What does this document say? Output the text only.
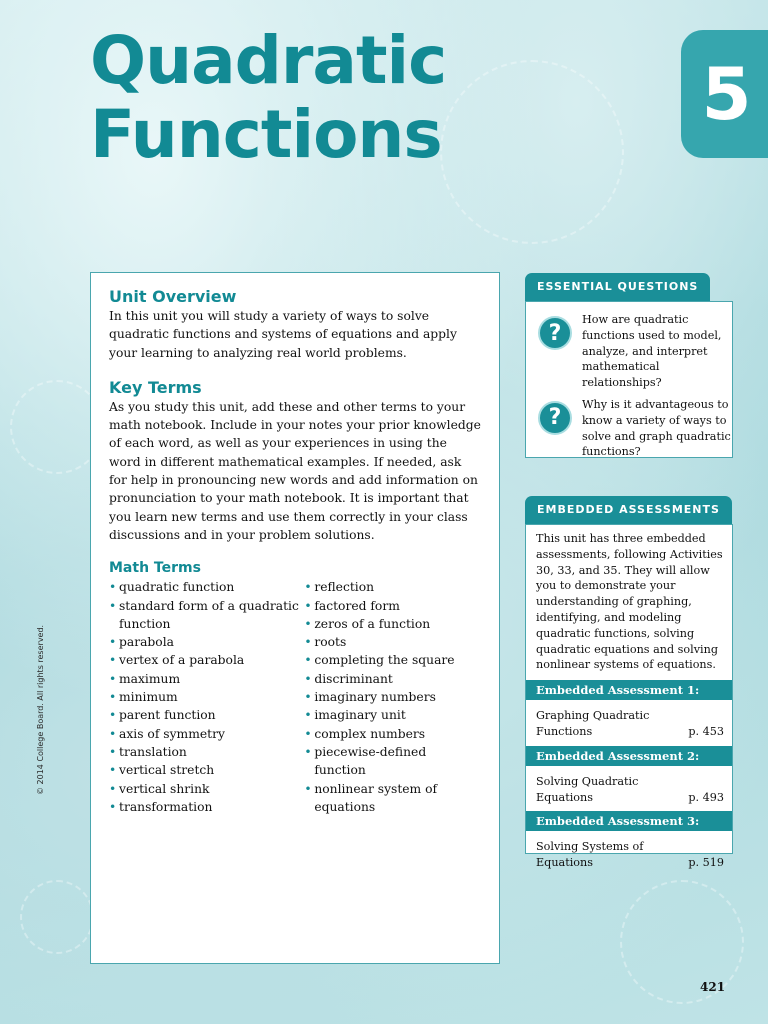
Quadratic
Functions	5
© 2014 College Board. All rights reserved.
Unit Overview

In this unit you will study a variety of ways to solve quadratic functions and systems of equations and apply your learning to analyzing real world problems.

Key Terms

As you study this unit, add these and other terms to your math notebook. Include in your notes your prior knowledge of each word, as well as your experiences in using the word in different mathematical examples. If needed, ask for help in pronouncing new words and add information on pronunciation to your math notebook. It is important that you learn new terms and use them correctly in your class discussions and in your problem solutions.

Math Terms
• quadratic function
• standard form of a quadratic function
• parabola
• vertex of a parabola
• maximum
• minimum
• parent function
• axis of symmetry
• translation
• vertical stretch
• vertical shrink
• transformation
• reflection
• factored form
• zeros of a function
• roots
• completing the square
• discriminant
• imaginary numbers
• imaginary unit
• complex numbers
• piecewise-defined function
• nonlinear system of equations
ESSENTIAL QUESTIONS
?
How are quadratic functions used to model, analyze, and interpret mathematical relationships?
?
Why is it advantageous to know a variety of ways to solve and graph quadratic functions?
EMBEDDED ASSESSMENTS
This unit has three embedded assessments, following Activities 30, 33, and 35. They will allow you to demonstrate your understanding of graphing, identifying, and modeling quadratic functions, solving quadratic equations and solving nonlinear systems of equations.
Embedded Assessment 1:
Graphing Quadratic Functions	p. 453
Embedded Assessment 2:
Solving Quadratic Equations	p. 493
Embedded Assessment 3:
Solving Systems of Equations	p. 519
421
